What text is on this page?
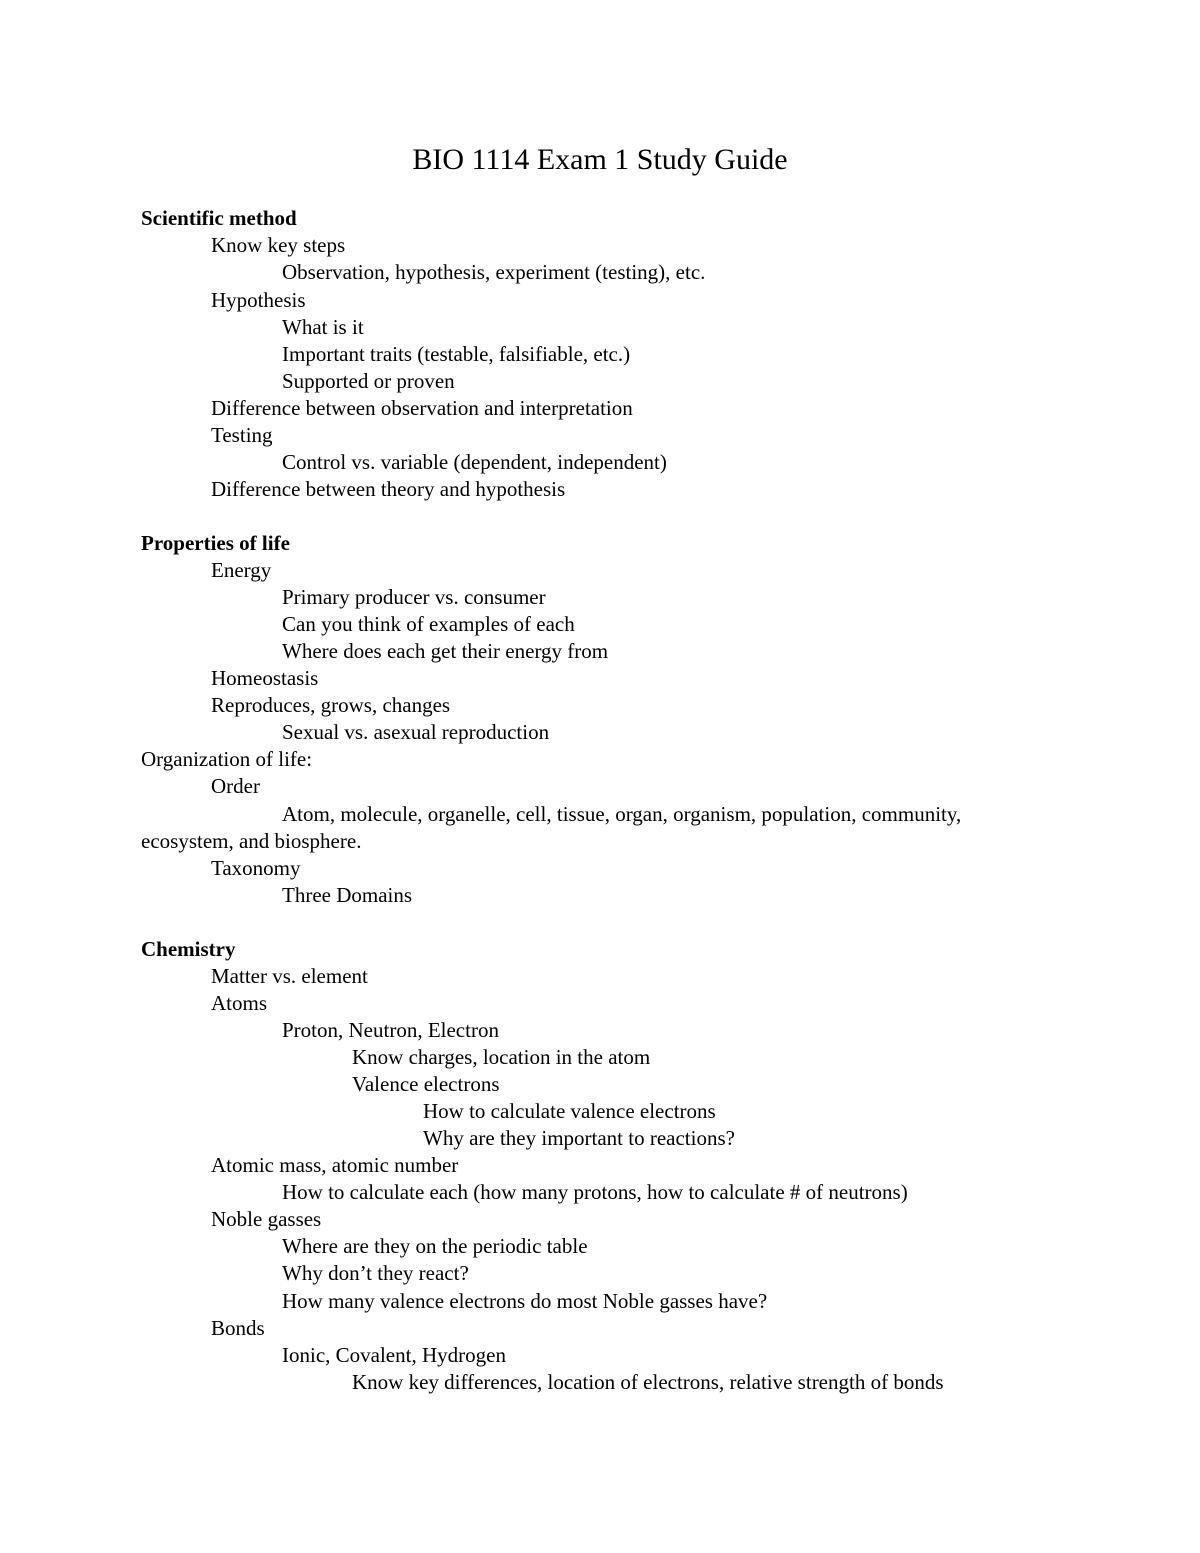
BIO 1114 Exam 1 Study Guide
Scientific method
Know key steps
Observation, hypothesis, experiment (testing), etc.
Hypothesis
What is it
Important traits (testable, falsifiable, etc.)
Supported or proven
Difference between observation and interpretation
Testing
Control vs. variable (dependent, independent)
Difference between theory and hypothesis
Properties of life
Energy
Primary producer vs. consumer
Can you think of examples of each
Where does each get their energy from
Homeostasis
Reproduces, grows, changes
Sexual vs. asexual reproduction
Organization of life:
Order
Atom, molecule, organelle, cell, tissue, organ, organism, population, community,
ecosystem, and biosphere.
Taxonomy
Three Domains
Chemistry
Matter vs. element
Atoms
Proton, Neutron, Electron
Know charges, location in the atom
Valence electrons
How to calculate valence electrons
Why are they important to reactions?
Atomic mass, atomic number
How to calculate each (how many protons, how to calculate # of neutrons)
Noble gasses
Where are they on the periodic table
Why don’t they react?
How many valence electrons do most Noble gasses have?
Bonds
Ionic, Covalent, Hydrogen
Know key differences, location of electrons, relative strength of bonds
